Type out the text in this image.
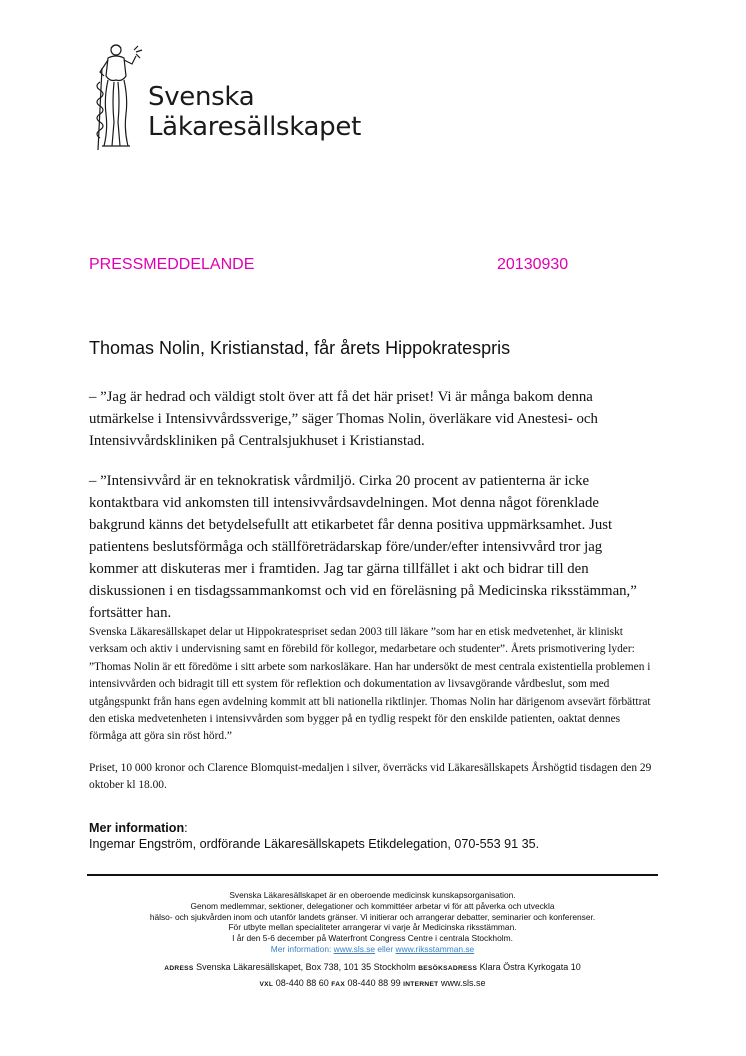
Svenska
Läkaresällskapet
PRESSMEDDELANDE	20130930
Thomas Nolin, Kristianstad, får årets Hippokratespris

– ”Jag är hedrad och väldigt stolt över att få det här priset! Vi är många bakom denna utmärkelse i Intensivvårdssverige,” säger Thomas Nolin, överläkare vid Anestesi- och Intensivvårdskliniken på Centralsjukhuset i Kristianstad.

– ”Intensivvård är en teknokratisk vårdmiljö. Cirka 20 procent av patienterna är icke kontaktbara vid ankomsten till intensivvårdsavdelningen. Mot denna något förenklade bakgrund känns det betydelsefullt att etikarbetet får denna positiva uppmärksamhet. Just patientens beslutsförmåga och ställföreträdarskap före/under/efter intensivvård tror jag kommer att diskuteras mer i framtiden. Jag tar gärna tillfället i akt och bidrar till den diskussionen i en tisdagssammankomst och vid en föreläsning på Medicinska riksstämman,” fortsätter han.

Svenska Läkaresällskapet delar ut Hippokratespriset sedan 2003 till läkare ”som har en etisk medvetenhet, är kliniskt verksam och aktiv i undervisning samt en förebild för kollegor, medarbetare och studenter”. Årets prismotivering lyder: ”Thomas Nolin är ett föredöme i sitt arbete som narkosläkare. Han har undersökt de mest centrala existentiella problemen i intensivvården och bidragit till ett system för reflektion och dokumentation av livsavgörande vårdbeslut, som med utgångspunkt från hans egen avdelning kommit att bli nationella riktlinjer. Thomas Nolin har därigenom avsevärt förbättrat den etiska medvetenheten i intensivvården som bygger på en tydlig respekt för den enskilde patienten, oaktat dennes förmåga att göra sin röst hörd.”

Priset, 10 000 kronor och Clarence Blomquist-medaljen i silver, överräcks vid Läkaresällskapets Årshögtid tisdagen den 29 oktober kl 18.00.

Mer information:
Ingemar Engström, ordförande Läkaresällskapets Etikdelegation, 070-553 91 35.
Svenska Läkaresällskapet är en oberoende medicinsk kunskapsorganisation.
Genom medlemmar, sektioner, delegationer och kommittéer arbetar vi för att påverka och utveckla
hälso- och sjukvården inom och utanför landets gränser. Vi initierar och arrangerar debatter, seminarier och konferenser.
För utbyte mellan specialiteter arrangerar vi varje år Medicinska riksstämman.
I år den 5-6 december på Waterfront Congress Centre i centrala Stockholm.
Mer information: www.sls.se eller www.riksstamman.se
ADRESS Svenska Läkaresällskapet, Box 738, 101 35 Stockholm BESÖKSADRESS Klara Östra Kyrkogata 10
VXL 08-440 88 60 FAX 08-440 88 99 INTERNET www.sls.se
